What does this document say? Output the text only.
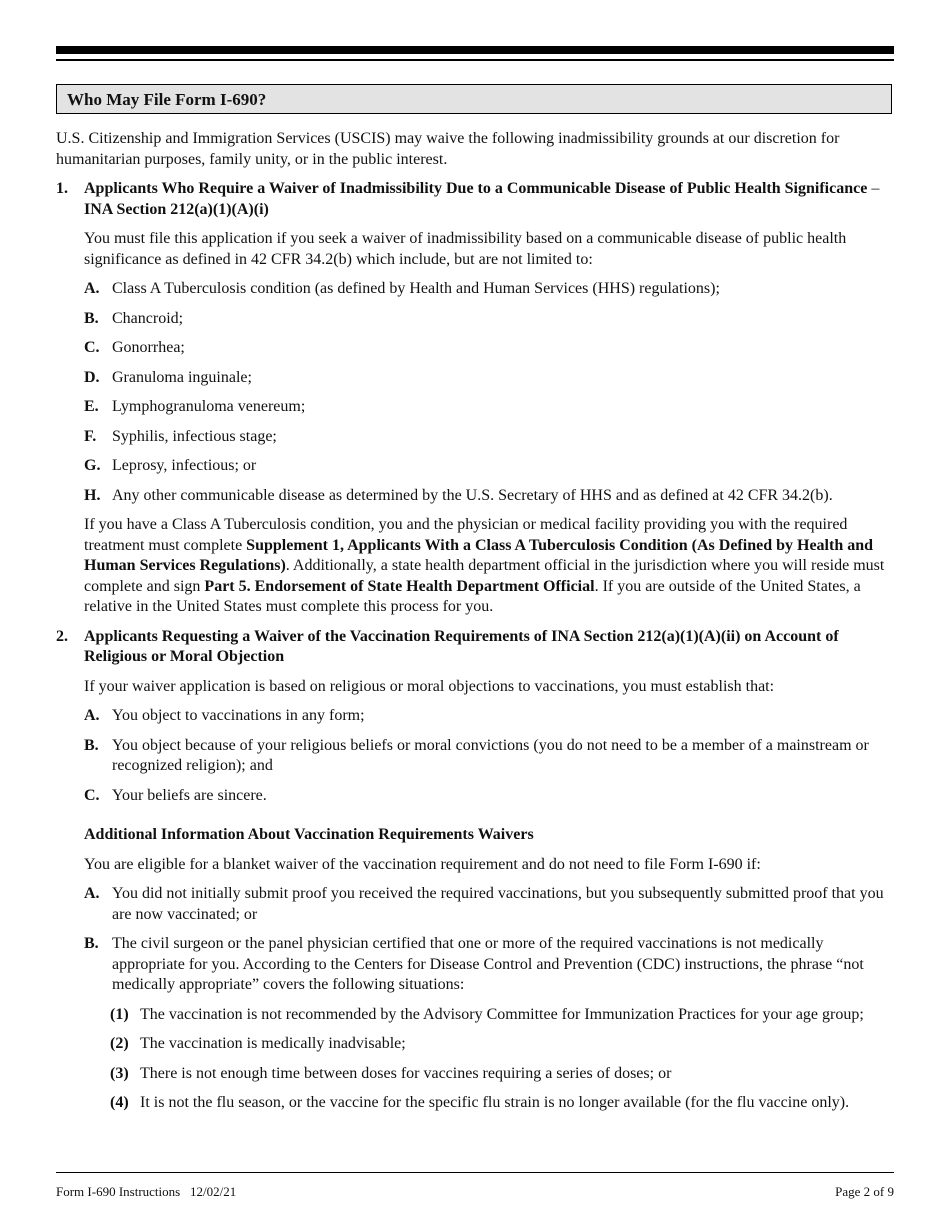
Who May File Form I-690?

U.S. Citizenship and Immigration Services (USCIS) may waive the following inadmissibility grounds at our discretion for humanitarian purposes, family unity, or in the public interest.

1. Applicants Who Require a Waiver of Inadmissibility Due to a Communicable Disease of Public Health Significance – INA Section 212(a)(1)(A)(i)

You must file this application if you seek a waiver of inadmissibility based on a communicable disease of public health significance as defined in 42 CFR 34.2(b) which include, but are not limited to:

A. Class A Tuberculosis condition (as defined by Health and Human Services (HHS) regulations);
B. Chancroid;
C. Gonorrhea;
D. Granuloma inguinale;
E. Lymphogranuloma venereum;
F. Syphilis, infectious stage;
G. Leprosy, infectious; or
H. Any other communicable disease as determined by the U.S. Secretary of HHS and as defined at 42 CFR 34.2(b).

If you have a Class A Tuberculosis condition, you and the physician or medical facility providing you with the required treatment must complete Supplement 1, Applicants With a Class A Tuberculosis Condition (As Defined by Health and Human Services Regulations). Additionally, a state health department official in the jurisdiction where you will reside must complete and sign Part 5. Endorsement of State Health Department Official. If you are outside of the United States, a relative in the United States must complete this process for you.

2. Applicants Requesting a Waiver of the Vaccination Requirements of INA Section 212(a)(1)(A)(ii) on Account of Religious or Moral Objection

If your waiver application is based on religious or moral objections to vaccinations, you must establish that:

A. You object to vaccinations in any form;
B. You object because of your religious beliefs or moral convictions (you do not need to be a member of a mainstream or recognized religion); and
C. Your beliefs are sincere.

Additional Information About Vaccination Requirements Waivers

You are eligible for a blanket waiver of the vaccination requirement and do not need to file Form I-690 if:

A. You did not initially submit proof you received the required vaccinations, but you subsequently submitted proof that you are now vaccinated; or
B. The civil surgeon or the panel physician certified that one or more of the required vaccinations is not medically appropriate for you. According to the Centers for Disease Control and Prevention (CDC) instructions, the phrase “not medically appropriate” covers the following situations:
(1) The vaccination is not recommended by the Advisory Committee for Immunization Practices for your age group;
(2) The vaccination is medically inadvisable;
(3) There is not enough time between doses for vaccines requiring a series of doses; or
(4) It is not the flu season, or the vaccine for the specific flu strain is no longer available (for the flu vaccine only).
Form I-690 Instructions 12/02/21	Page 2 of 9
